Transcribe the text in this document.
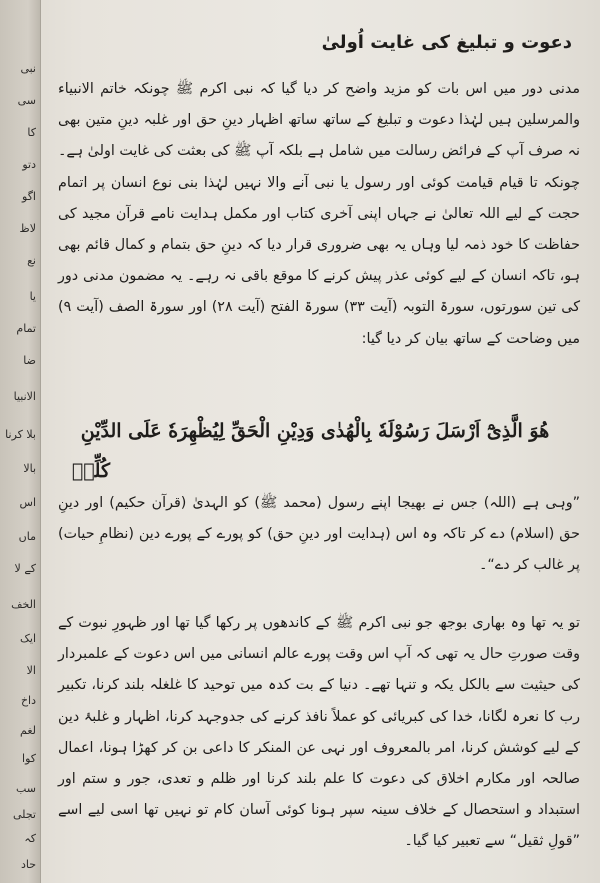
نبی
سی
کا
دتو
اگو
لاظ
نع
یا
تمام
ضا
الانبیا
بلا کرنا
بالا
اس
ماں
کے لا
الخف
ایک
الا
داخ
لغم
کوا
سب
تجلی
کہ
حاد
دعوت و تبلیغ کی غایت اُولیٰ
مدنی دور میں اس بات کو مزید واضح کر دیا گیا کہ نبی اکرم ﷺ چونکہ خاتم الانبیاء والمرسلین ہیں لہٰذا دعوت و تبلیغ کے ساتھ ساتھ اظہار دینِ حق اور غلبہ دینِ متین بھی نہ صرف آپ کے فرائض رسالت میں شامل ہے بلکہ آپ ﷺ کی بعثت کی غایت اولیٰ ہے۔ چونکہ تا قیام قیامت کوئی اور رسول یا نبی آنے والا نہیں لہٰذا بنی نوع انسان پر اتمام حجت کے لیے اللہ تعالیٰ نے جہاں اپنی آخری کتاب اور مکمل ہدایت نامے قرآن مجید کی حفاظت کا خود ذمہ لیا وہاں یہ بھی ضروری قرار دیا کہ دینِ حق بتمام و کمال قائم بھی ہو، تاکہ انسان کے لیے کوئی عذر پیش کرنے کا موقع باقی نہ رہے۔ یہ مضمون مدنی دور کی تین سورتوں، سورۃ التوبہ (آیت ۳۳) سورۃ الفتح (آیت ۲۸) اور سورۃ الصف (آیت ۹) میں وضاحت کے ساتھ بیان کر دیا گیا:
هُوَ الَّذِیْٓ اَرْسَلَ رَسُوْلَهٗ بِالْهُدٰی وَدِیْنِ الْحَقِّ لِیُظْهِرَهٗ عَلَی الدِّیْنِ
كُلِّهٖ
”وہی ہے (اللہ) جس نے بھیجا اپنے رسول (محمد ﷺ) کو الہدیٰ (قرآن حکیم) اور دینِ حق (اسلام) دے کر تاکہ وہ اس (ہدایت اور دینِ حق) کو پورے کے پورے دین (نظامِ حیات) پر غالب کر دے“۔
تو یہ تھا وہ بھاری بوجھ جو نبی اکرم ﷺ کے کاندھوں پر رکھا گیا تھا اور ظہورِ نبوت کے وقت صورتِ حال یہ تھی کہ آپ اس وقت پورے عالم انسانی میں اس دعوت کے علمبردار کی حیثیت سے بالکل یکہ و تنہا تھے۔ دنیا کے بت کدہ میں توحید کا غلغلہ بلند کرنا، تکبیر رب کا نعرہ لگانا، خدا کی کبریائی کو عملاً نافذ کرنے کی جدوجہد کرنا، اظہار و غلبۂ دین کے لیے کوشش کرنا، امر بالمعروف اور نہی عن المنکر کا داعی بن کر کھڑا ہونا، اعمال صالحہ اور مکارم اخلاق کی دعوت کا علم بلند کرنا اور ظلم و تعدی، جور و ستم اور استبداد و استحصال کے خلاف سینہ سپر ہونا کوئی آسان کام تو نہیں تھا اسی لیے اسے ”قولِ ثقیل“ سے تعبیر کیا گیا۔
